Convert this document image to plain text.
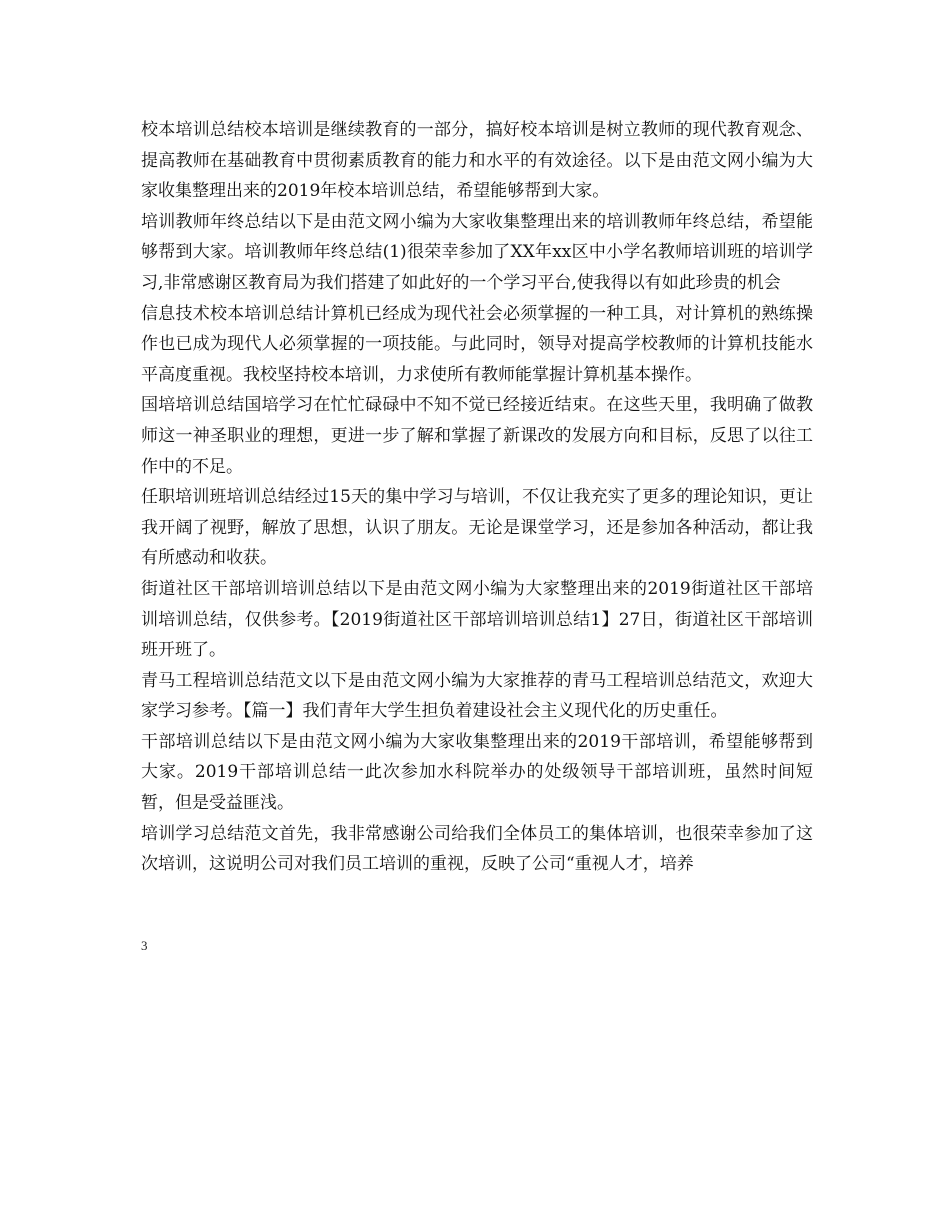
校本培训总结校本培训是继续教育的一部分，搞好校本培训是树立教师的现代教育观念、提高教师在基础教育中贯彻素质教育的能力和水平的有效途径。以下是由范文网小编为大家收集整理出来的2019年校本培训总结，希望能够帮到大家。

培训教师年终总结以下是由范文网小编为大家收集整理出来的培训教师年终总结，希望能够帮到大家。培训教师年终总结(1)很荣幸参加了XX年xx区中小学名教师培训班的培训学习,非常感谢区教育局为我们搭建了如此好的一个学习平台,使我得以有如此珍贵的机会

信息技术校本培训总结计算机已经成为现代社会必须掌握的一种工具，对计算机的熟练操作也已成为现代人必须掌握的一项技能。与此同时，领导对提高学校教师的计算机技能水平高度重视。我校坚持校本培训，力求使所有教师能掌握计算机基本操作。

国培培训总结国培学习在忙忙碌碌中不知不觉已经接近结束。在这些天里，我明确了做教师这一神圣职业的理想，更进一步了解和掌握了新课改的发展方向和目标，反思了以往工作中的不足。

任职培训班培训总结经过15天的集中学习与培训，不仅让我充实了更多的理论知识，更让我开阔了视野，解放了思想，认识了朋友。无论是课堂学习，还是参加各种活动，都让我有所感动和收获。

街道社区干部培训培训总结以下是由范文网小编为大家整理出来的2019街道社区干部培训培训总结，仅供参考。【2019街道社区干部培训培训总结1】27日，街道社区干部培训班开班了。

青马工程培训总结范文以下是由范文网小编为大家推荐的青马工程培训总结范文，欢迎大家学习参考。【篇一】我们青年大学生担负着建设社会主义现代化的历史重任。

干部培训总结以下是由范文网小编为大家收集整理出来的2019干部培训，希望能够帮到大家。2019干部培训总结一此次参加水科院举办的处级领导干部培训班，虽然时间短暂，但是受益匪浅。

培训学习总结范文首先，我非常感谢公司给我们全体员工的集体培训，也很荣幸参加了这次培训，这说明公司对我们员工培训的重视，反映了公司“重视人才，培养

3
